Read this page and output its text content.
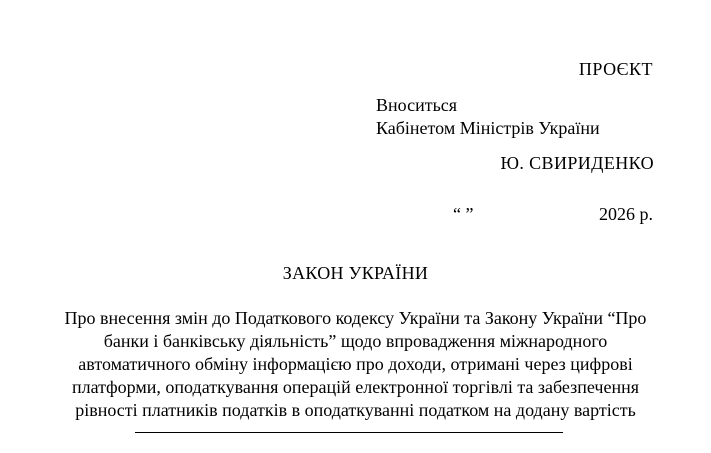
ПРОЄКТ
Вноситься
Кабінетом Міністрів України
Ю. СВИРИДЕНКО
“ ”	2026 р.
ЗАКОН УКРАЇНИ
Про внесення змін до Податкового кодексу України та Закону України “Про
банки і банківську діяльність” щодо впровадження міжнародного
автоматичного обміну інформацією про доходи, отримані через цифрові
платформи, оподаткування операцій електронної торгівлі та забезпечення
рівності платників податків в оподаткуванні податком на додану вартість
